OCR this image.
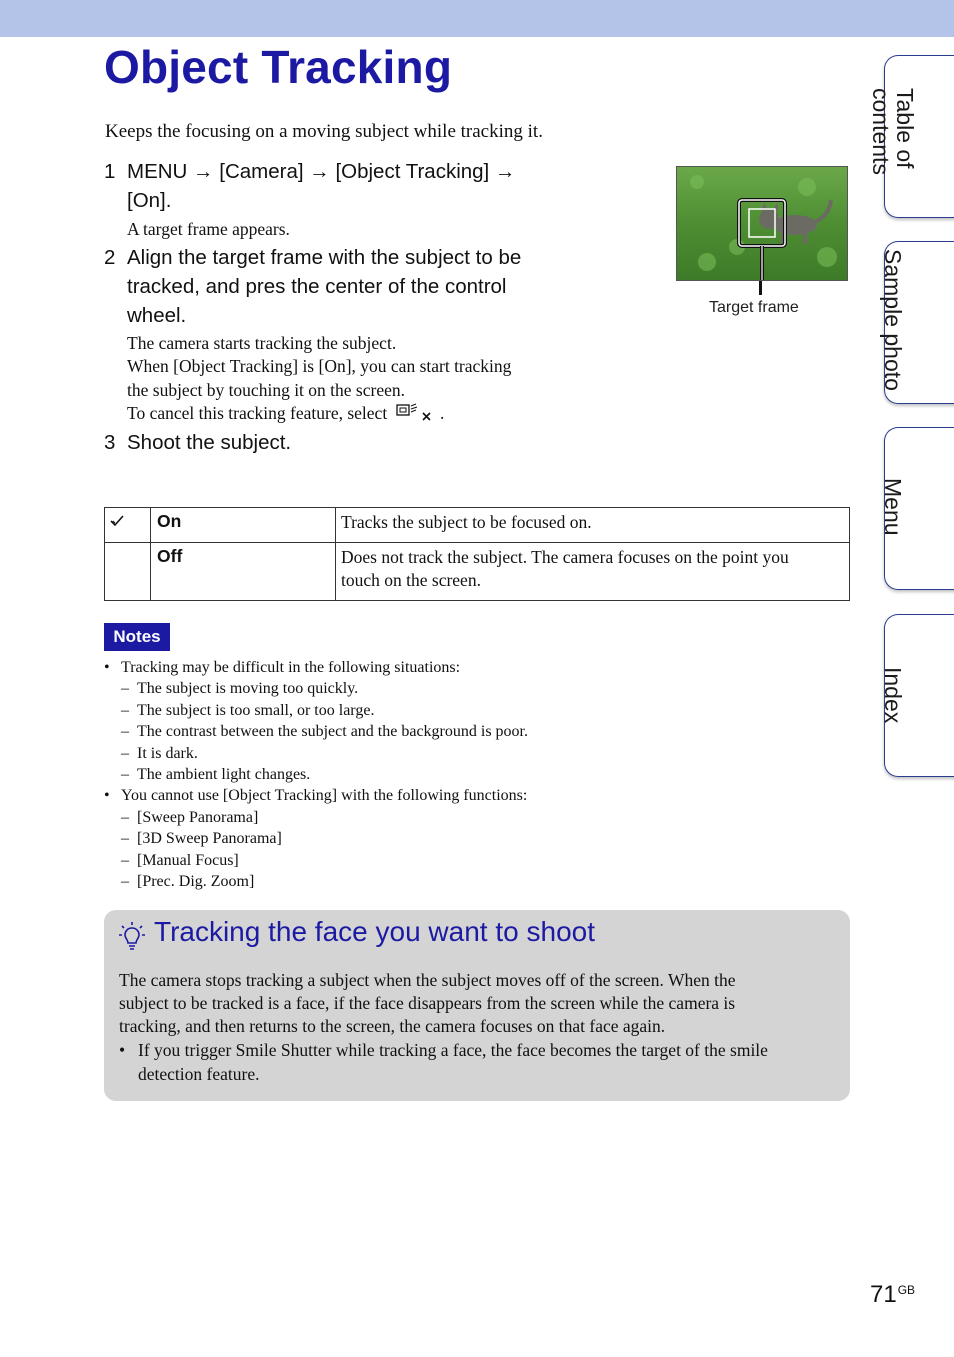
Object Tracking
Keeps the focusing on a moving subject while tracking it.
1 MENU → [Camera] → [Object Tracking] →
[On].
A target frame appears.
2 Align the target frame with the subject to be
tracked, and pres the center of the control
wheel.
The camera starts tracking the subject.
When [Object Tracking] is [On], you can start tracking
the subject by touching it on the screen.
To cancel this tracking feature, select	.
3 Shoot the subject.
Target frame
	On	Tracks the subject to be focused on.
	Off	Does not track the subject. The camera focuses on the point you
touch on the screen.
Notes
• Tracking may be difficult in the following situations:
– The subject is moving too quickly.
– The subject is too small, or too large.
– The contrast between the subject and the background is poor.
– It is dark.
– The ambient light changes.
• You cannot use [Object Tracking] with the following functions:
– [Sweep Panorama]
– [3D Sweep Panorama]
– [Manual Focus]
– [Prec. Dig. Zoom]
Tracking the face you want to shoot
The camera stops tracking a subject when the subject moves off of the screen. When the
subject to be tracked is a face, if the face disappears from the screen while the camera is
tracking, and then returns to the screen, the camera focuses on that face again.
• If you trigger Smile Shutter while tracking a face, the face becomes the target of the smile
detection feature.
Table of
contents
Sample photo
Menu
Index
$71^{GB}$
